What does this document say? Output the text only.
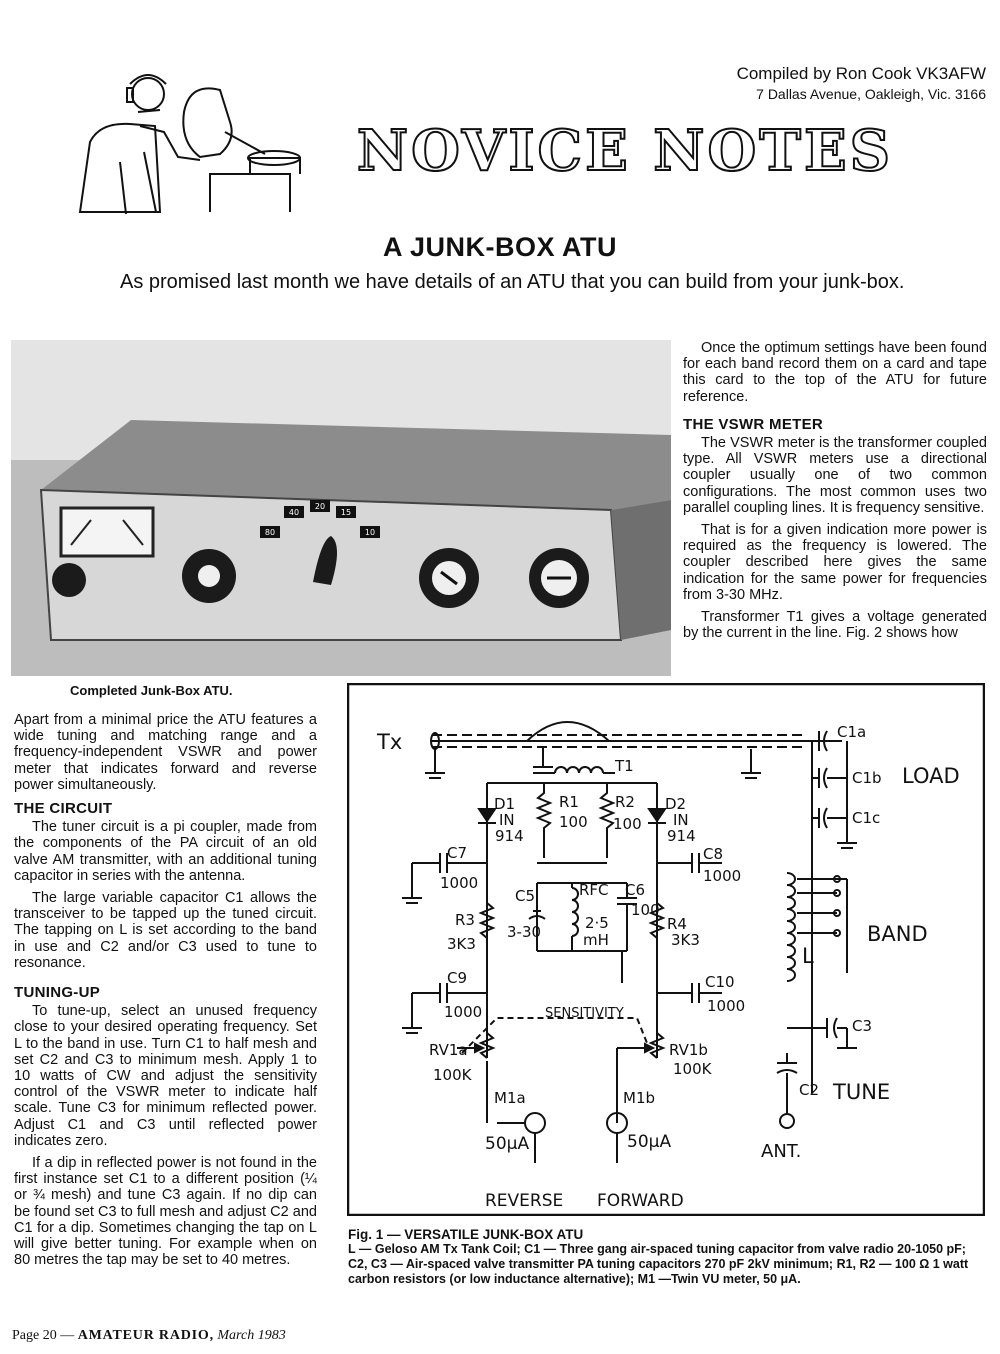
Compiled by Ron Cook VK3AFW
7 Dallas Avenue, Oakleigh, Vic. 3166
NOVICE NOTES
A JUNK-BOX ATU
As promised last month we have details of an ATU that you can build from your junk-box.
80
40
20
15
10
Completed Junk-Box ATU.

Apart from a minimal price the ATU features a wide tuning and matching range and a frequency-independent VSWR and power meter that indicates forward and reverse power simultaneously.

THE CIRCUIT

The tuner circuit is a pi coupler, made from the components of the PA circuit of an old valve AM transmitter, with an additional tuning capacitor in series with the antenna.

The large variable capacitor C1 allows the transceiver to be tapped up the tuned circuit. The tapping on L is set according to the band in use and C2 and/or C3 used to tune to resonance.

TUNING-UP

To tune-up, select an unused frequency close to your desired operating frequency. Set L to the band in use. Turn C1 to half mesh and set C2 and C3 to minimum mesh. Apply 1 to 10 watts of CW and adjust the sensitivity control of the VSWR meter to indicate half scale. Tune C3 for minimum reflected power. Adjust C1 and C3 until reflected power indicates zero.

If a dip in reflected power is not found in the first instance set C1 to a different position (¼ or ¾ mesh) and tune C3 again. If no dip can be found set C3 to full mesh and adjust C2 and C1 for a dip. Sometimes changing the tap on L will give better tuning. For example when on 80 metres the tap may be set to 40 metres.

Once the optimum settings have been found for each band record them on a card and tape this card to the top of the ATU for future reference.

THE VSWR METER

The VSWR meter is the transformer coupled type. All VSWR meters use a directional coupler usually one of two common configurations. The most common uses two parallel coupling lines. It is frequency sensitive.

That is for a given indication more power is required as the frequency is lowered. The coupler described here gives the same indication for the same power for frequencies from 3-30 MHz.

Transformer T1 gives a voltage generated by the current in the line. Fig. 2 shows how

Tx
T1
D1
IN
914
D2
IN
914
R1
100
R2
100
C7
1000
C8
1000
C5
3-30
RFC
2·5
mH
C6
100
R3
3K3
R4
3K3
C9
1000
C10
1000
SENSITIVITY
RV1a
100K
RV1b
100K
M1a	M1b
50μA	50μA
REVERSE FORWARD
C1a
C1b
C1c
LOAD
BAND
L
C3
C2 TUNE
ANT.
Fig. 1 — VERSATILE JUNK-BOX ATU
L — Geloso AM Tx Tank Coil; C1 — Three gang air-spaced tuning capacitor from valve radio 20-1050 pF; C2, C3 — Air-spaced valve transmitter PA tuning capacitors 270 pF 2kV minimum; R1, R2 — 100 Ω 1 watt carbon resistors (or low inductance alternative); M1 —Twin VU meter, 50 μA.
Page 20 — AMATEUR RADIO, March 1983
